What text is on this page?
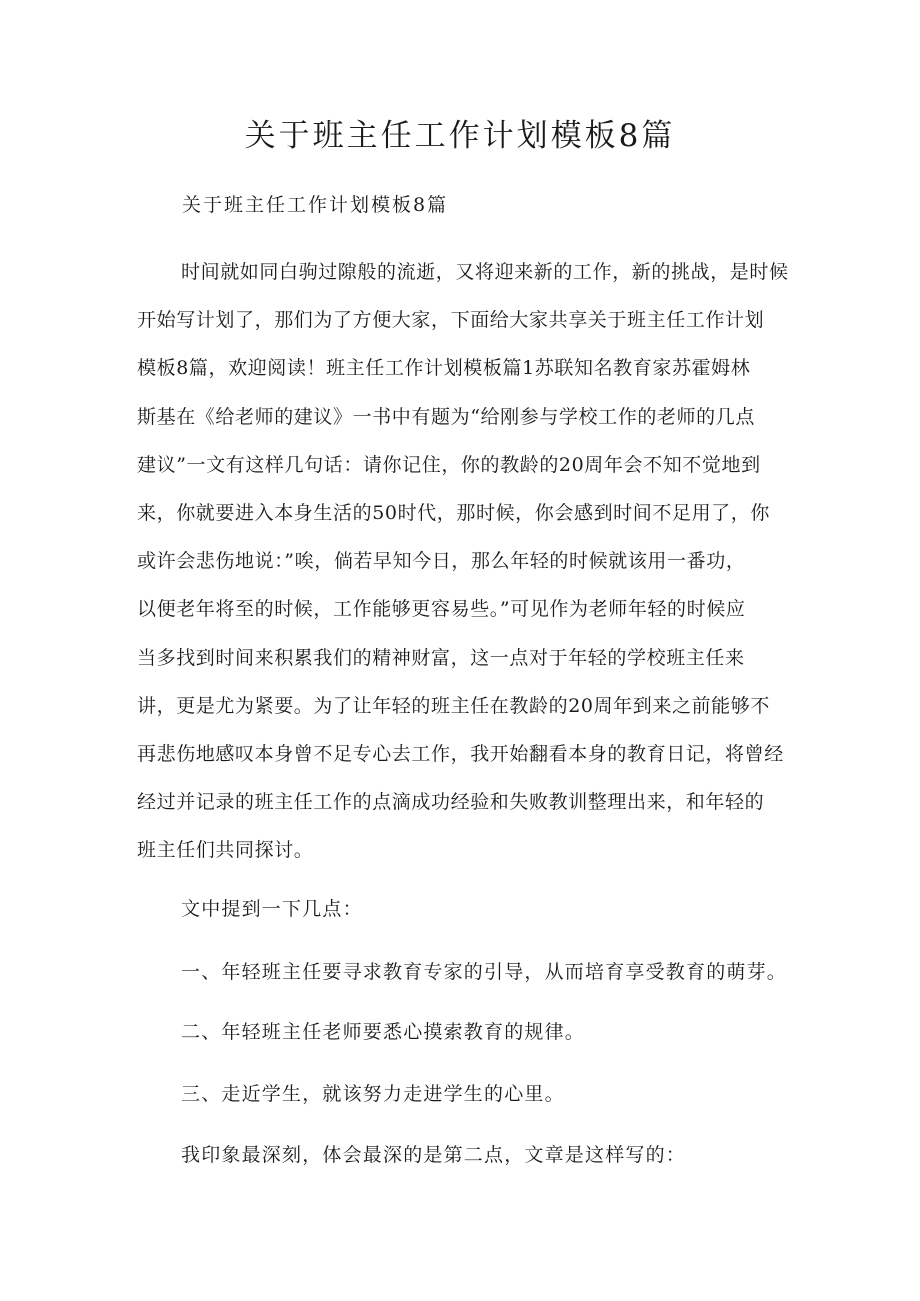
关于班主任工作计划模板8篇

关于班主任工作计划模板8篇

时间就如同白驹过隙般的流逝，又将迎来新的工作，新的挑战，是时候
开始写计划了，那们为了方便大家，下面给大家共享关于班主任工作计划
模板8篇，欢迎阅读！班主任工作计划模板篇1苏联知名教育家苏霍姆林
斯基在《给老师的建议》一书中有题为“给刚参与学校工作的老师的几点
建议”一文有这样几句话：请你记住，你的教龄的20周年会不知不觉地到
来，你就要进入本身生活的50时代，那时候，你会感到时间不足用了，你
或许会悲伤地说：”唉，倘若早知今日，那么年轻的时候就该用一番功，
以便老年将至的时候，工作能够更容易些。”可见作为老师年轻的时候应
当多找到时间来积累我们的精神财富，这一点对于年轻的学校班主任来
讲，更是尤为紧要。为了让年轻的班主任在教龄的20周年到来之前能够不
再悲伤地感叹本身曾不足专心去工作，我开始翻看本身的教育日记，将曾经
经过并记录的班主任工作的点滴成功经验和失败教训整理出来，和年轻的
班主任们共同探讨。

文中提到一下几点：

一、年轻班主任要寻求教育专家的引导，从而培育享受教育的萌芽。

二、年轻班主任老师要悉心摸索教育的规律。

三、走近学生，就该努力走进学生的心里。

我印象最深刻，体会最深的是第二点，文章是这样写的：
